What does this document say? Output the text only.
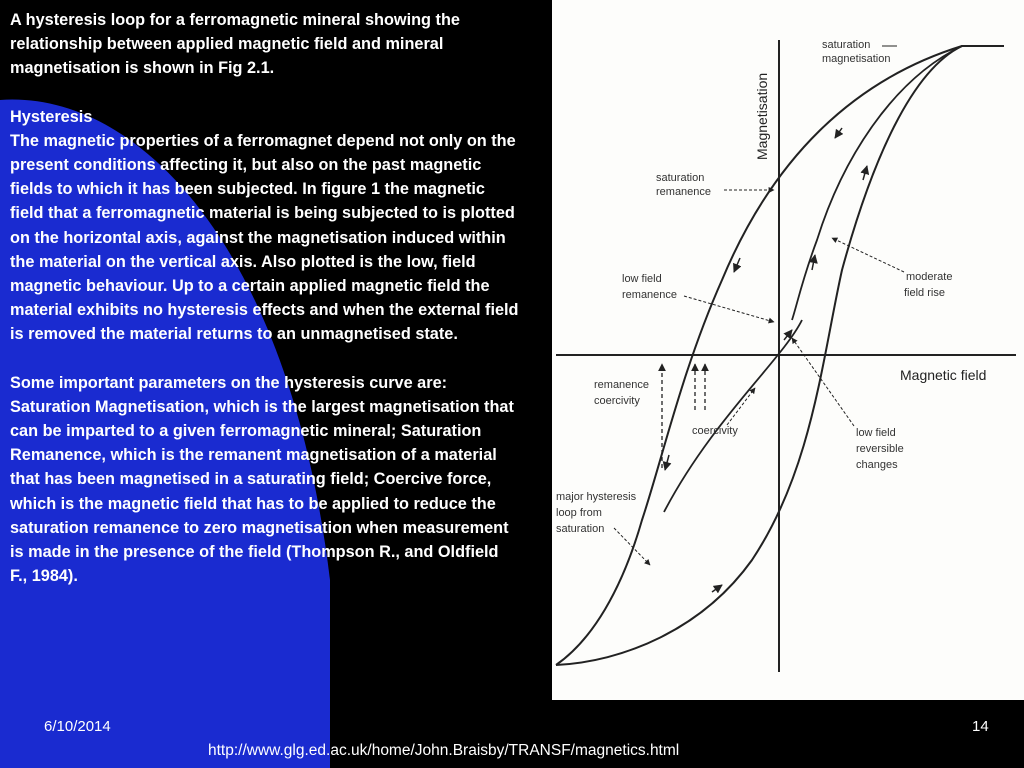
A hysteresis loop for a ferromagnetic mineral showing the relationship between applied magnetic field and mineral magnetisation is shown in Fig 2.1.

Hysteresis

The magnetic properties of a ferromagnet depend not only on the present conditions affecting it, but also on the past magnetic fields to which it has been subjected. In figure 1 the magnetic field that a ferromagnetic material is being subjected to is plotted on the horizontal axis, against the magnetisation induced within the material on the vertical axis. Also plotted is the low, field magnetic behaviour. Up to a certain applied magnetic field the material exhibits no hysteresis effects and when the external field is removed the material returns to an unmagnetised state.

Some important parameters on the hysteresis curve are: Saturation Magnetisation, which is the largest magnetisation that can be imparted to a given ferromagnetic mineral; Saturation Remanence, which is the remanent magnetisation of a material that has been magnetised in a saturating field; Coercive force, which is the magnetic field that has to be applied to reduce the saturation remanence to zero magnetisation when measurement is made in the presence of the field (Thompson R., and Oldfield F., 1984).

Magnetisation
Magnetic field
saturation
magnetisation
saturation
remanence
low field
remanence
moderate
field rise
remanence
coercivity
coercivity	low field
reversible
changes
major hysteresis
loop from
saturation
6/10/2014	14
http://www.glg.ed.ac.uk/home/John.Braisby/TRANSF/magnetics.html
